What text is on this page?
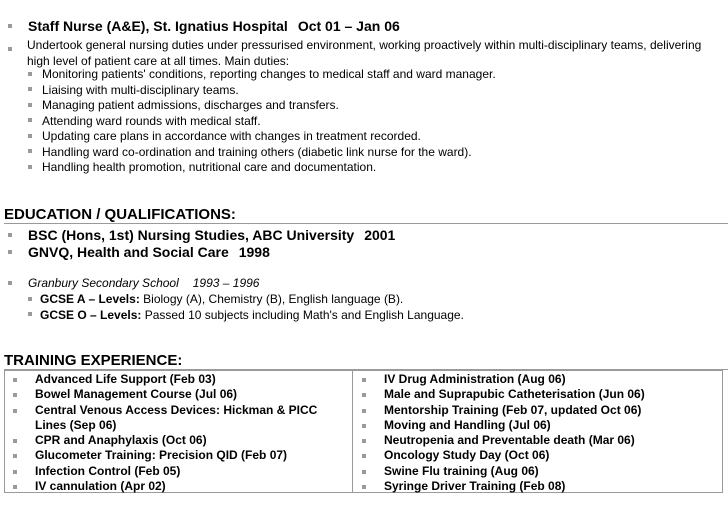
Staff Nurse (A&E), St. Ignatius Hospital Oct 01 – Jan 06
Undertook general nursing duties under pressurised environment, working proactively within multi-disciplinary teams, delivering high level of patient care at all times. Main duties:
Monitoring patients' conditions, reporting changes to medical staff and ward manager.
Liaising with multi-disciplinary teams.
Managing patient admissions, discharges and transfers.
Attending ward rounds with medical staff.
Updating care plans in accordance with changes in treatment recorded.
Handling ward co-ordination and training others (diabetic link nurse for the ward).
Handling health promotion, nutritional care and documentation.
EDUCATION / QUALIFICATIONS:
BSC (Hons, 1st) Nursing Studies, ABC University 2001
GNVQ, Health and Social Care 1998
Granbury Secondary School 1993 – 1996
GCSE A – Levels: Biology (A), Chemistry (B), English language (B).
GCSE O – Levels: Passed 10 subjects including Math's and English Language.
TRAINING EXPERIENCE:
Advanced Life Support (Feb 03)
Bowel Management Course (Jul 06)
Central Venous Access Devices: Hickman & PICC Lines (Sep 06)
CPR and Anaphylaxis (Oct 06)
Glucometer Training: Precision QID (Feb 07)
Infection Control (Feb 05)
IV cannulation (Apr 02)
IV Drug Administration (Aug 06)
Male and Suprapubic Catheterisation (Jun 06)
Mentorship Training (Feb 07, updated Oct 06)
Moving and Handling (Jul 06)
Neutropenia and Preventable death (Mar 06)
Oncology Study Day (Oct 06)
Swine Flu training (Aug 06)
Syringe Driver Training (Feb 08)
